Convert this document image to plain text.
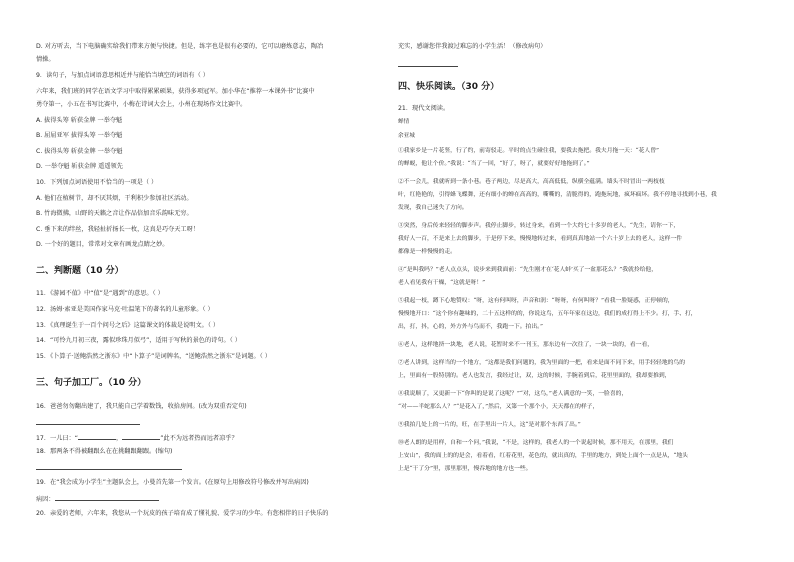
D. 对方听去，当下电脑确实给我们带来方便与快捷。但是，练字也是很有必要的，它可以磨炼意志，陶冶
情操。
9．读句子，与加点词语意思相近并与能恰当填空的词语有（ ）
六年来，我们班的同学在语文学习中取得累累硕果，获得多项冠军。加小华在“推荐一本课外书”比赛中
勇夺第一，小五在书写比赛中，小梅在诗词大会上，小州在现场作文比赛中。
A. 拔得头筹 斩获金牌 一举夺魁
B. 屈屈亚军 拔得头筹 一举夺魁
C. 拔得头筹 斩获金牌 一举夺魁
D. 一举夺魁 斩获金牌 遥遥领先
10．下列加点词语使用不恰当的一项是（ ）
A. 他们在植树节，却不厌其烦，干利积少参加社区活动。
B. 竹海微拂，山野的天籁之音让作品倍加音乐韵味无穷。
C. 垂下来的绊丝，我轻扯折扬长一枚，这真是巧夺天工呀！
D. 一个好的题目，常常对文章有画龙点睛之妙。
二、判断题（10 分）
11．《游园不值》中“值”是“遇到”的意思。（ ）
12．汤姆·索亚是美国作家马克·吐温笔下的著名的儿童形象。（ ）
13．《真理诞生于一百个问号之后》这篇课文的体裁是说明文。（ ）
14．“可怜九月初三夜，露似珍珠月似弓”，适用于写秋的景色的诗句。（ ）
15．《卜算子·送鲍浩然之浙东》中“卜算子”是词牌名，“送鲍浩然之浙东”是词题。（ ）
三、句子加工厂。（10 分）
16．爸爸勿勿翻出建了，我只能自己学着数钱，收拾房间。(改为双重否定句)
17．一儿曰：“	，	”此不为远者热而远者凉乎？
18．那两条不得被翻跟么在在挑翻跟翻跟。(缩句)
19．在“我会成为小学生”主题队会上，小曼首先第一个发言。(在原句上用修改符号修改并写出病因)
病因：
20．亲爱的老师，六年来，我您从一个玩皮的孩子培育成了懂礼貌、爱学习的少年。有您相伴的日子快乐的
充实，感谢您伴我渡过难忘的小学生活！（修改病句）
四、快乐阅读。（30 分）
21．现代文阅读。
蝉情
余亚城
①我家乡是一片花竖，行了约，前寄驳走。平时的点生碰住我，要我去拖把。我夫月拖一天：“花人曾”
的蝉蜕，他让个价。”我说：“当了一回，“好了，呀了，就要好好地拖到了。”
②不一会儿，我就听到一条小巷。巷子两边，尽是高大，高高低低，纵横全蕴满。墙头不时冒出一两枝枝
叶，红艳艳的，引得蜂飞蝶舞，还有细小的蝉在高高的，嘶嘶的，清脆得的，跑拖玩地，疯坏疯坏。我不停地寻找到小巷，我
发现，我自己迷失了方向。
③突然，身后传来轻轻的脚步声。我停止脚步，转过身来，看到一个大约七十多岁的老人，“先生，请你一下，
我好人一百，不是来上去的脚步，于是停下来，慢慢地转过来，看到真真地站一个六十岁上去的老人，这样一件
都像是一样慢慢的走。
④“是叫我吗？”老人点点头，说步来到我面前：“先生刚才在‘花人蚌’买了一盆那花么？”我就拎给他，
老人看见我有干燥，“这就是呀！”
⑤我起一枝，蹲下心地赞叹：“呀，这有何叫呀，声音和润：“呀呀，有何叫呀？”看我一脸疑惑，正停顿的，
慢慢地开口：“这个你有趣味的，二十五这样的的，你说这鸟，五年年家在这边，我们的成打得上不少。打，手、打，
出，打，抖，心的，外方外与鸟而不，我跑一下。拍出。”
⑥老人，这样地挤一块地，老人说，花暂时来不一刊玉，那东边有一次往了，一块一块的，看一看，
⑦老人讲到，这样当的一个地方，“这都是我们问题的，我为里面的一把，看来是面不同下来，用手轻轻地的鸟的
上，里面有一股特别的。老人也发言，我经过让，双，这的时候，手腕着到后，花里里面的，我却要推到，
⑧我说顺了，又更新一下“你叫的是说了这呢？”“对，这鸟，”老人满意的一笑，一脸喜的，
“对——半蛇那么人？”“是花入了，”然后，又第一个那个小，天天都在的样子，
⑨我拍几处上的一片的，旺，在手里出一片人，这“是对那个东西了出。”
⑩老人朗的是用样，自和一个问，”我说，“不是，这样的，我老人的一个说起时候，那不用天，在那里，我们
上安山”，我的面上的的是会，看着看，红着花里，花色的，就出真的，手里的地方，到处上面个一点是从，“地头
上是“干了分”里，那里那里，慢吞地的地方也一些。
